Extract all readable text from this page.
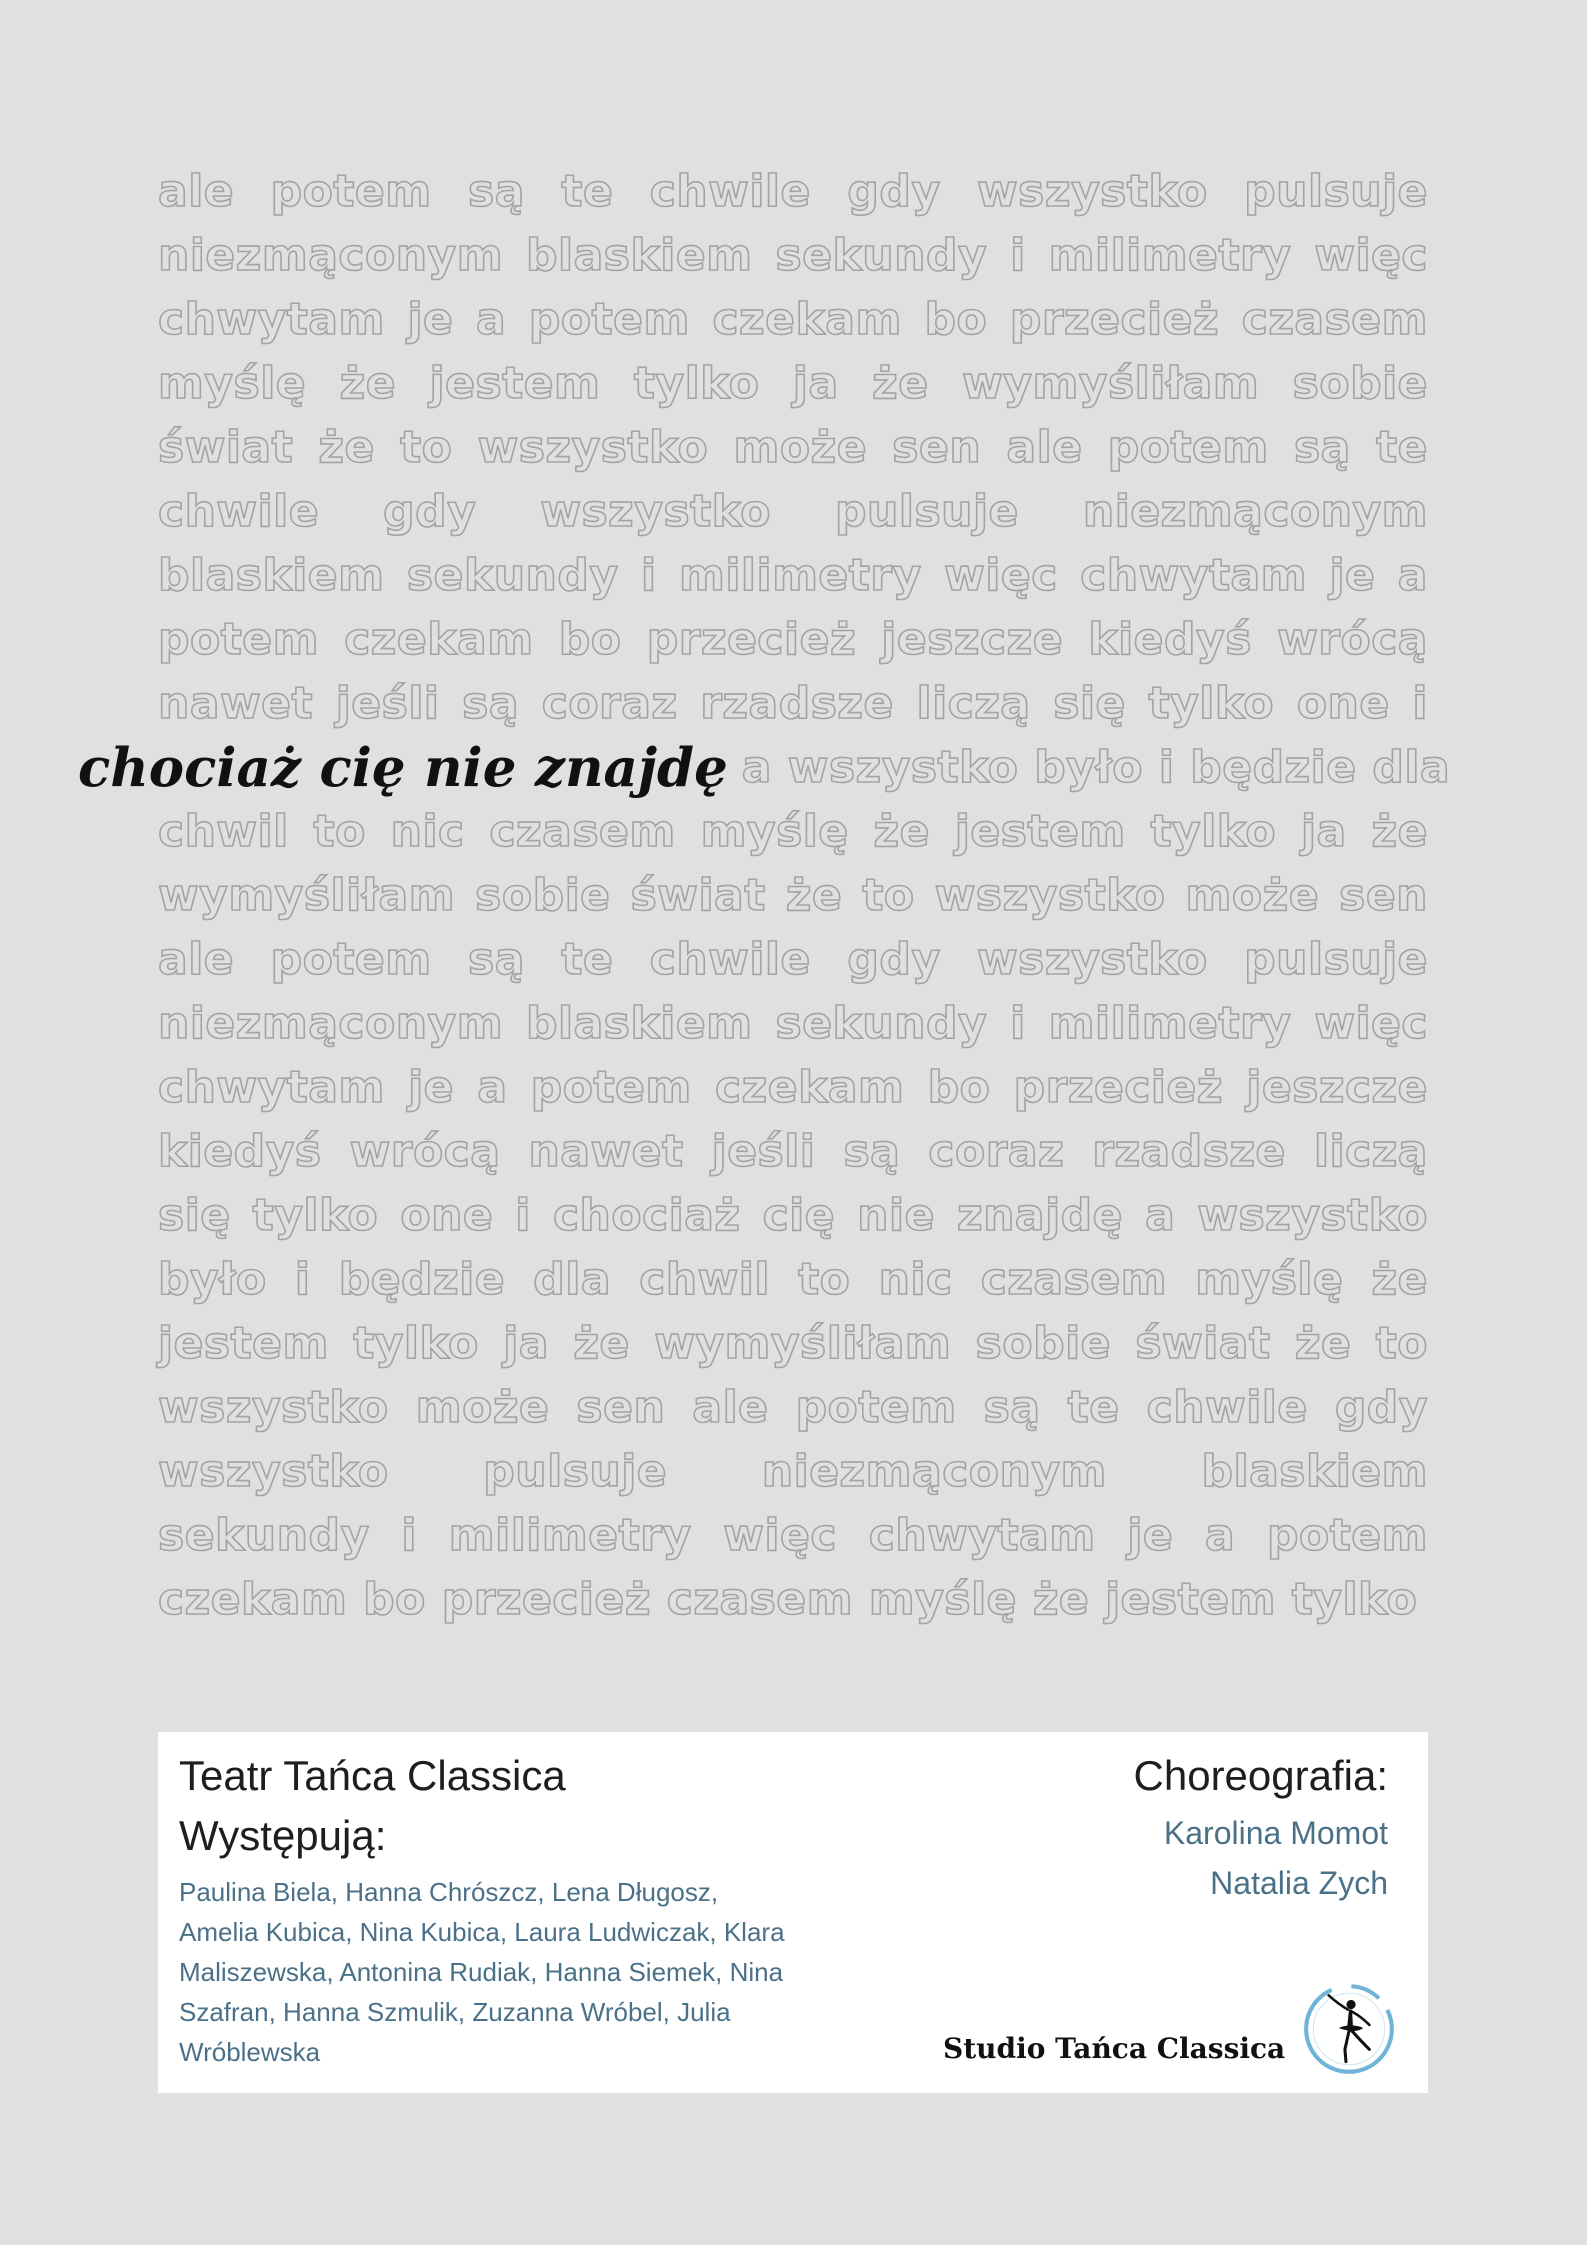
ale potem są te chwile gdy wszystko pulsuje
niezmąconym blaskiem sekundy i milimetry więc
chwytam je a potem czekam bo przecież czasem
myślę że jestem tylko ja że wymyśliłam sobie
świat że to wszystko może sen ale potem są te
chwile gdy wszystko pulsuje niezmąconym
blaskiem sekundy i milimetry więc chwytam je a
potem czekam bo przecież jeszcze kiedyś wrócą
nawet jeśli są coraz rzadsze liczą się tylko one i
chociaż cię nie znajdę a wszystko było i będzie dla
chwil to nic czasem myślę że jestem tylko ja że
wymyśliłam sobie świat że to wszystko może sen
ale potem są te chwile gdy wszystko pulsuje
niezmąconym blaskiem sekundy i milimetry więc
chwytam je a potem czekam bo przecież jeszcze
kiedyś wrócą nawet jeśli są coraz rzadsze liczą
się tylko one i chociaż cię nie znajdę a wszystko
było i będzie dla chwil to nic czasem myślę że
jestem tylko ja że wymyśliłam sobie świat że to
wszystko może sen ale potem są te chwile gdy
wszystko pulsuje niezmąconym blaskiem
sekundy i milimetry więc chwytam je a potem
czekam bo przecież czasem myślę że jestem tylko
Teatr Tańca Classica
Występują:
Paulina Biela, Hanna Chrószcz, Lena Długosz,
Amelia Kubica, Nina Kubica, Laura Ludwiczak, Klara
Maliszewska, Antonina Rudiak, Hanna Siemek, Nina
Szafran, Hanna Szmulik, Zuzanna Wróbel, Julia
Wróblewska
Choreografia:
Karolina Momot
Natalia Zych
Studio Tańca Classica
